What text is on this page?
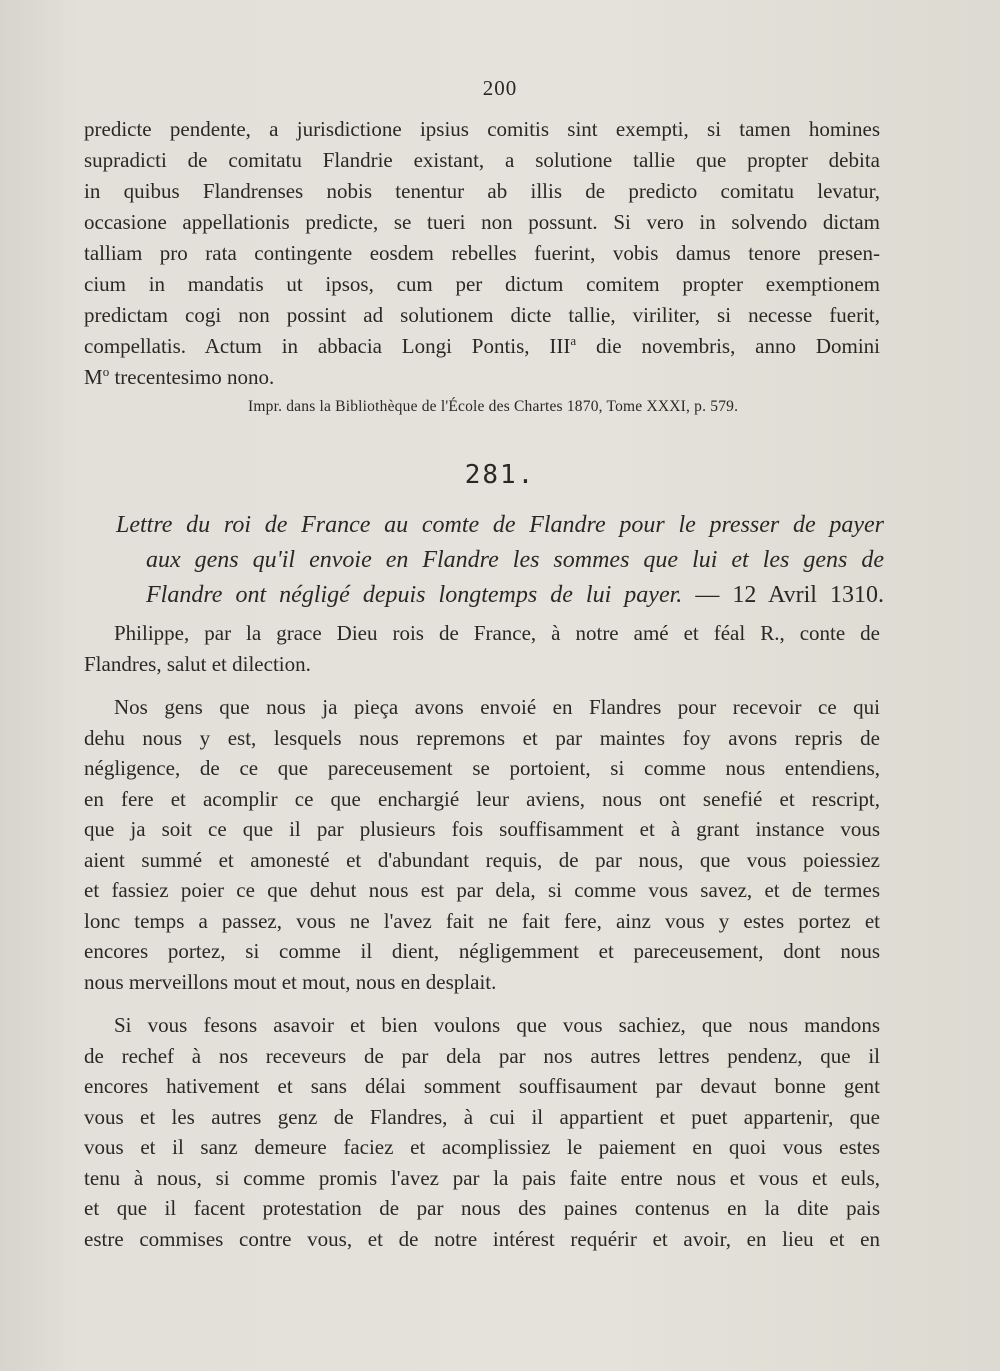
200
predicte pendente, a jurisdictione ipsius comitis sint exempti, si tamen homines
supradicti de comitatu Flandrie existant, a solutione tallie que propter debita
in quibus Flandrenses nobis tenentur ab illis de predicto comitatu levatur,
occasione appellationis predicte, se tueri non possunt. Si vero in solvendo dictam
talliam pro rata contingente eosdem rebelles fuerint, vobis damus tenore presen-
cium in mandatis ut ipsos, cum per dictum comitem propter exemptionem
predictam cogi non possint ad solutionem dicte tallie, viriliter, si necesse fuerit,
compellatis. Actum in abbacia Longi Pontis, III$^a$ die novembris, anno Domini
$M^o$ trecentesimo nono.
Impr. dans la Bibliothèque de l'École des Chartes 1870, Tome XXXI, p. 579.
281.
Lettre du roi de France au comte de Flandre pour le presser de payer
aux gens qu'il envoie en Flandre les sommes que lui et les gens de
Flandre ont négligé depuis longtemps de lui payer. — 12 Avril 1310.

Philippe, par la grace Dieu rois de France, à notre amé et féal R., conte de
Flandres, salut et dilection.

Nos gens que nous ja pieça avons envoié en Flandres pour recevoir ce qui
dehu nous y est, lesquels nous repremons et par maintes foy avons repris de
négligence, de ce que pareceusement se portoient, si comme nous entendiens,
en fere et acomplir ce que enchargié leur aviens, nous ont senefié et rescript,
que ja soit ce que il par plusieurs fois souffisamment et à grant instance vous
aient summé et amonesté et d'abundant requis, de par nous, que vous poiessiez
et fassiez poier ce que dehut nous est par dela, si comme vous savez, et de termes
lonc temps a passez, vous ne l'avez fait ne fait fere, ainz vous y estes portez et
encores portez, si comme il dient, négligemment et pareceusement, dont nous
nous merveillons mout et mout, nous en desplait.

Si vous fesons asavoir et bien voulons que vous sachiez, que nous mandons
de rechef à nos receveurs de par dela par nos autres lettres pendenz, que il
encores hativement et sans délai somment souffisaument par devaut bonne gent
vous et les autres genz de Flandres, à cui il appartient et puet appartenir, que
vous et il sanz demeure faciez et acomplissiez le paiement en quoi vous estes
tenu à nous, si comme promis l'avez par la pais faite entre nous et vous et euls,
et que il facent protestation de par nous des paines contenus en la dite pais
estre commises contre vous, et de notre intérest requérir et avoir, en lieu et en
